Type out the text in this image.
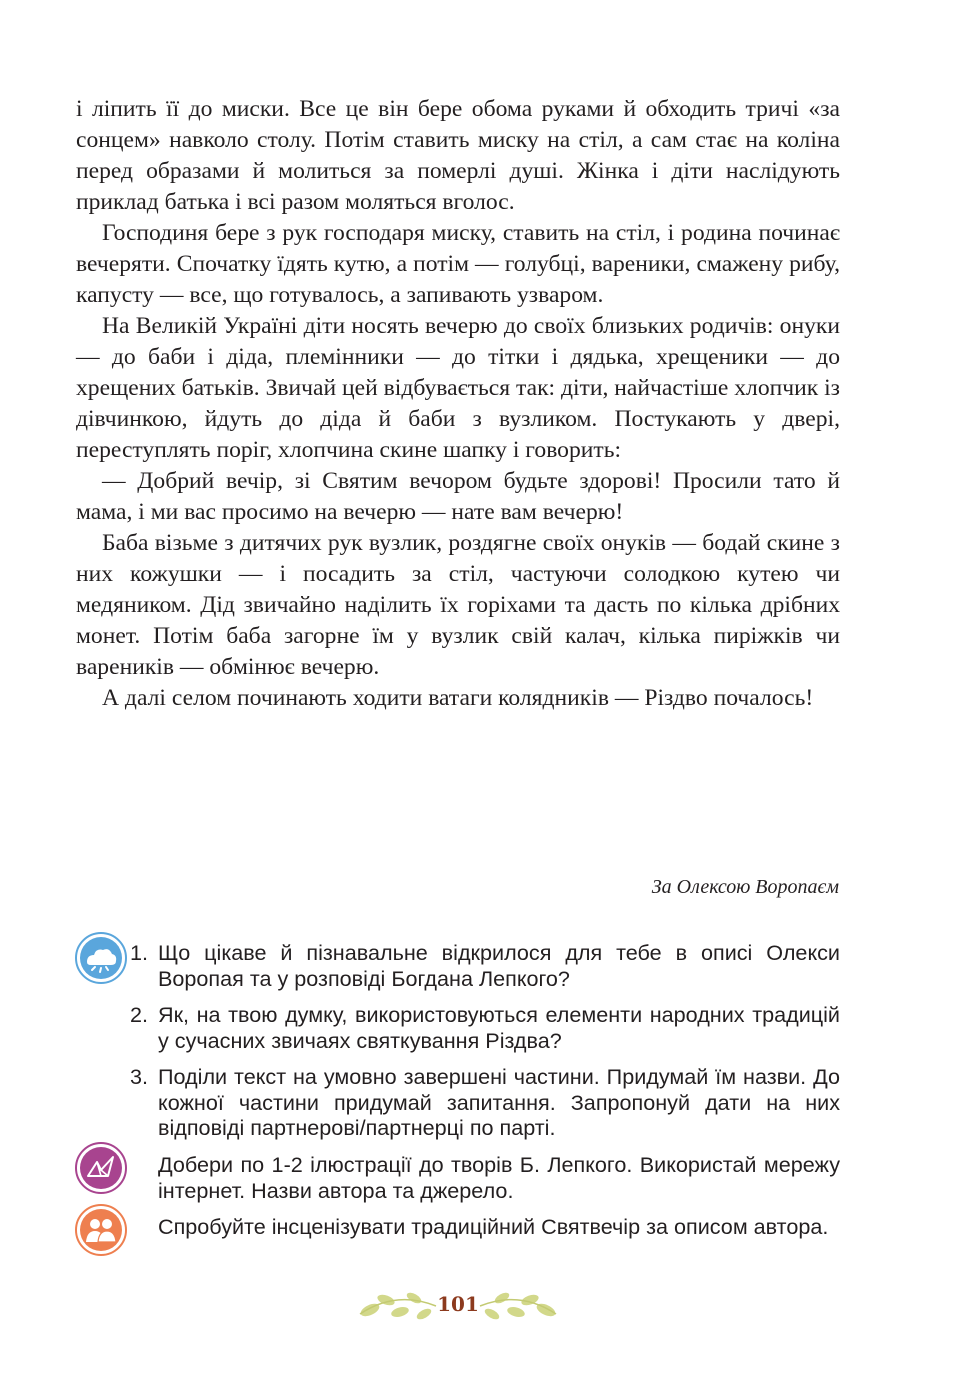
і ліпить її до миски. Все це він бере обома руками й обходить тричі «за сонцем» навколо столу. Потім ставить миску на стіл, а сам стає на коліна перед образами й молиться за померлі душі. Жінка і діти наслідують приклад батька і всі разом моляться вголос.

Господиня бере з рук господаря миску, ставить на стіл, і родина починає вечеряти. Спочатку їдять кутю, а потім — голубці, вареники, смажену рибу, капусту — все, що готувалось, а запивають узваром.

На Великій Україні діти носять вечерю до своїх близьких родичів: онуки — до баби і діда, племінники — до тітки і дядька, хрещеники — до хрещених батьків. Звичай цей відбувається так: діти, найчастіше хлопчик із дівчинкою, йдуть до діда й баби з вузликом. Постукають у двері, переступлять поріг, хлопчина скине шапку і говорить:

— Добрий вечір, зі Святим вечором будьте здорові! Просили тато й мама, і ми вас просимо на вечерю — нате вам вечерю!

Баба візьме з дитячих рук вузлик, роздягне своїх онуків — бодай скине з них кожушки — і посадить за стіл, частуючи солодкою кутею чи медяником. Дід звичайно наділить їх горіхами та дасть по кілька дрібних монет. Потім баба загорне їм у вузлик свій калач, кілька пиріжків чи вареників — обмінює вечерю.

А далі селом починають ходити ватаги колядників — Різдво почалось!

За Олексою Воропаєм
1. Що цікаве й пізнавальне відкрилося для тебе в описі Олекси Воропая та у розповіді Богдана Лепкого?
2. Як, на твою думку, використовуються елементи народних традицій у сучасних звичаях святкування Різдва?
3. Поділи текст на умовно завершені частини. Придумай їм назви. До кожної частини придумай запитання. Запропонуй дати на них відповіді партнерові/партнерці по парті.
Добери по 1-2 ілюстрації до творів Б. Лепкого. Використай мережу інтернет. Назви автора та джерело.
Спробуйте інсценізувати традиційний Святвечір за описом автора.
101
